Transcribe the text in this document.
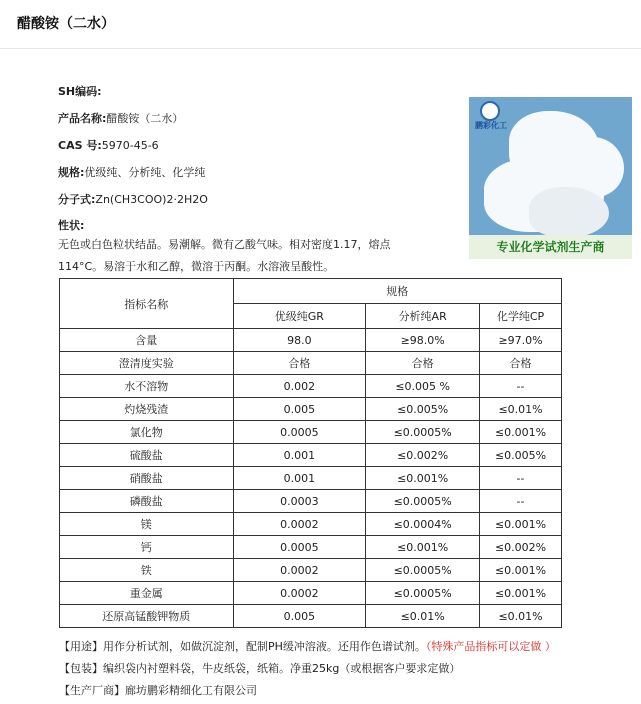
醋酸铵（二水）
SH编码:
产品名称:醋酸铵（二水）
CAS 号:5970-45-6
规格:优级纯、分析纯、化学纯
分子式:Zn(CH3COO)2·2H2O
性状:
无色或白色粒状结晶。易潮解。微有乙酸气味。相对密度1.17，熔点
114°C。易溶于水和乙醇，微溶于丙酮。水溶液呈酸性。
鹏彩化工
专业化学试剂生产商
指标名称	规格		
	优级纯GR	分析纯AR	化学纯CP
含量	98.0	≥98.0%	≥97.0%
澄清度实验	合格	合格	合格
水不溶物	0.002	≤0.005 %	--
灼烧残渣	0.005	≤0.005%	≤0.01%
氯化物	0.0005	≤0.0005%	≤0.001%
硫酸盐	0.001	≤0.002%	≤0.005%
硝酸盐	0.001	≤0.001%	--
磷酸盐	0.0003	≤0.0005%	--
镁	0.0002	≤0.0004%	≤0.001%
钙	0.0005	≤0.001%	≤0.002%
铁	0.0002	≤0.0005%	≤0.001%
重金属	0.0002	≤0.0005%	≤0.001%
还原高锰酸钾物质	0.005	≤0.01%	≤0.01%
【用途】用作分析试剂，如做沉淀剂，配制PH缓冲溶液。还用作色谱试剂。（特殊产品指标可以定做 ）
【包装】编织袋内衬塑料袋，牛皮纸袋，纸箱。净重25kg（或根据客户要求定做）
【生产厂商】廊坊鹏彩精细化工有限公司
